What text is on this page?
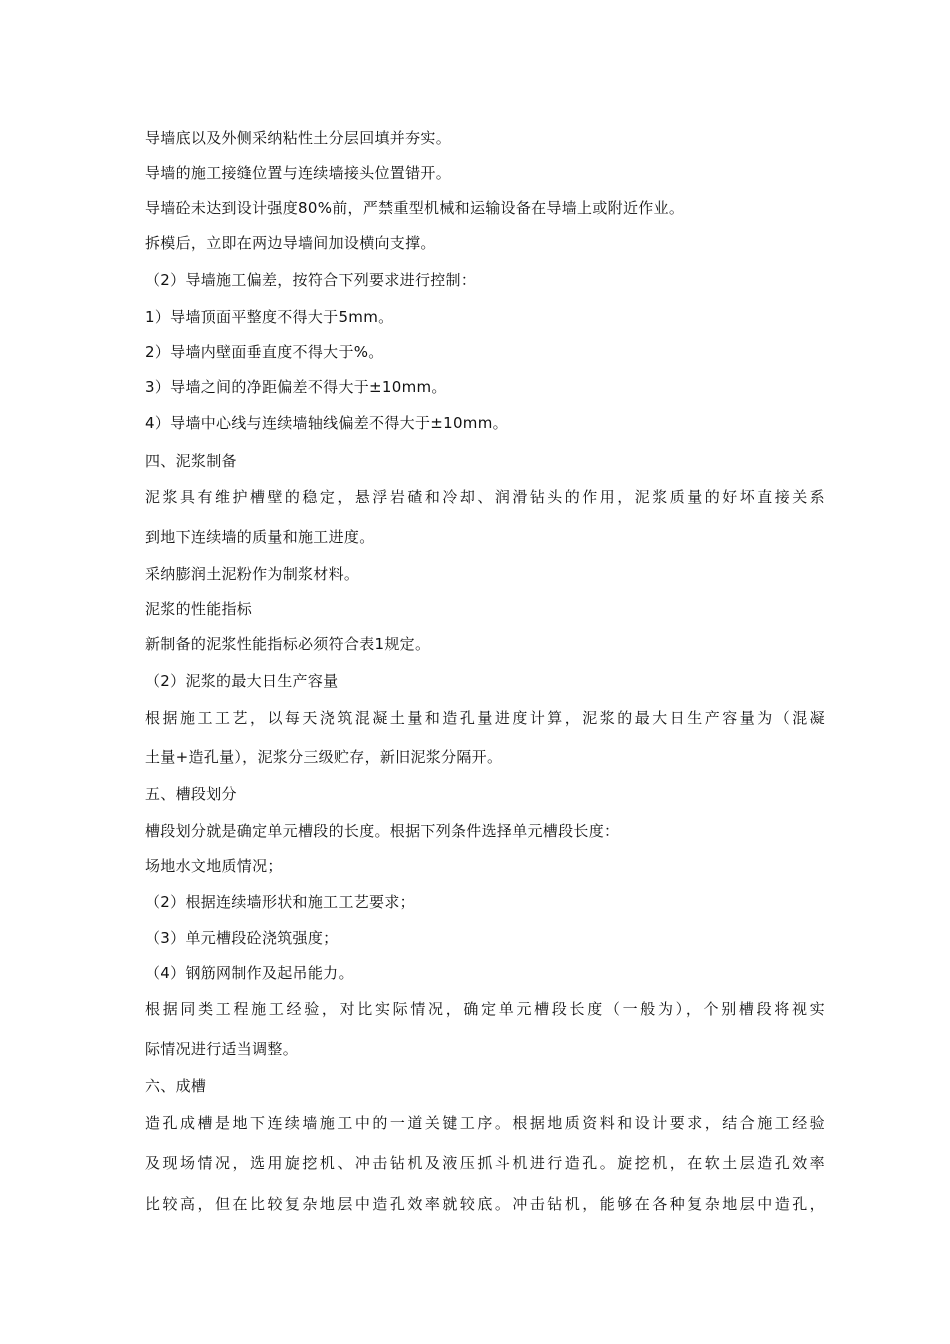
导墙底以及外侧采纳粘性土分层回填并夯实。
导墙的施工接缝位置与连续墙接头位置错开。
导墙砼未达到设计强度80%前，严禁重型机械和运输设备在导墙上或附近作业。
拆模后，立即在两边导墙间加设横向支撑。
（2）导墙施工偏差，按符合下列要求进行控制：
1）导墙顶面平整度不得大于5mm。
2）导墙内壁面垂直度不得大于%。
3）导墙之间的净距偏差不得大于±10mm。
4）导墙中心线与连续墙轴线偏差不得大于±10mm。
四、泥浆制备
泥浆具有维护槽壁的稳定，悬浮岩碴和冷却、润滑钻头的作用，泥浆质量的好坏直接关系
到地下连续墙的质量和施工进度。
采纳膨润土泥粉作为制浆材料。
泥浆的性能指标
新制备的泥浆性能指标必须符合表1规定。
（2）泥浆的最大日生产容量
根据施工工艺，以每天浇筑混凝土量和造孔量进度计算，泥浆的最大日生产容量为（混凝
土量+造孔量），泥浆分三级贮存，新旧泥浆分隔开。
五、槽段划分
槽段划分就是确定单元槽段的长度。根据下列条件选择单元槽段长度：
场地水文地质情况；
（2）根据连续墙形状和施工工艺要求；
（3）单元槽段砼浇筑强度；
（4）钢筋网制作及起吊能力。
根据同类工程施工经验，对比实际情况，确定单元槽段长度（一般为），个别槽段将视实
际情况进行适当调整。
六、成槽
造孔成槽是地下连续墙施工中的一道关键工序。根据地质资料和设计要求，结合施工经验
及现场情况，选用旋挖机、冲击钻机及液压抓斗机进行造孔。旋挖机，在软土层造孔效率
比较高，但在比较复杂地层中造孔效率就较底。冲击钻机，能够在各种复杂地层中造孔，
